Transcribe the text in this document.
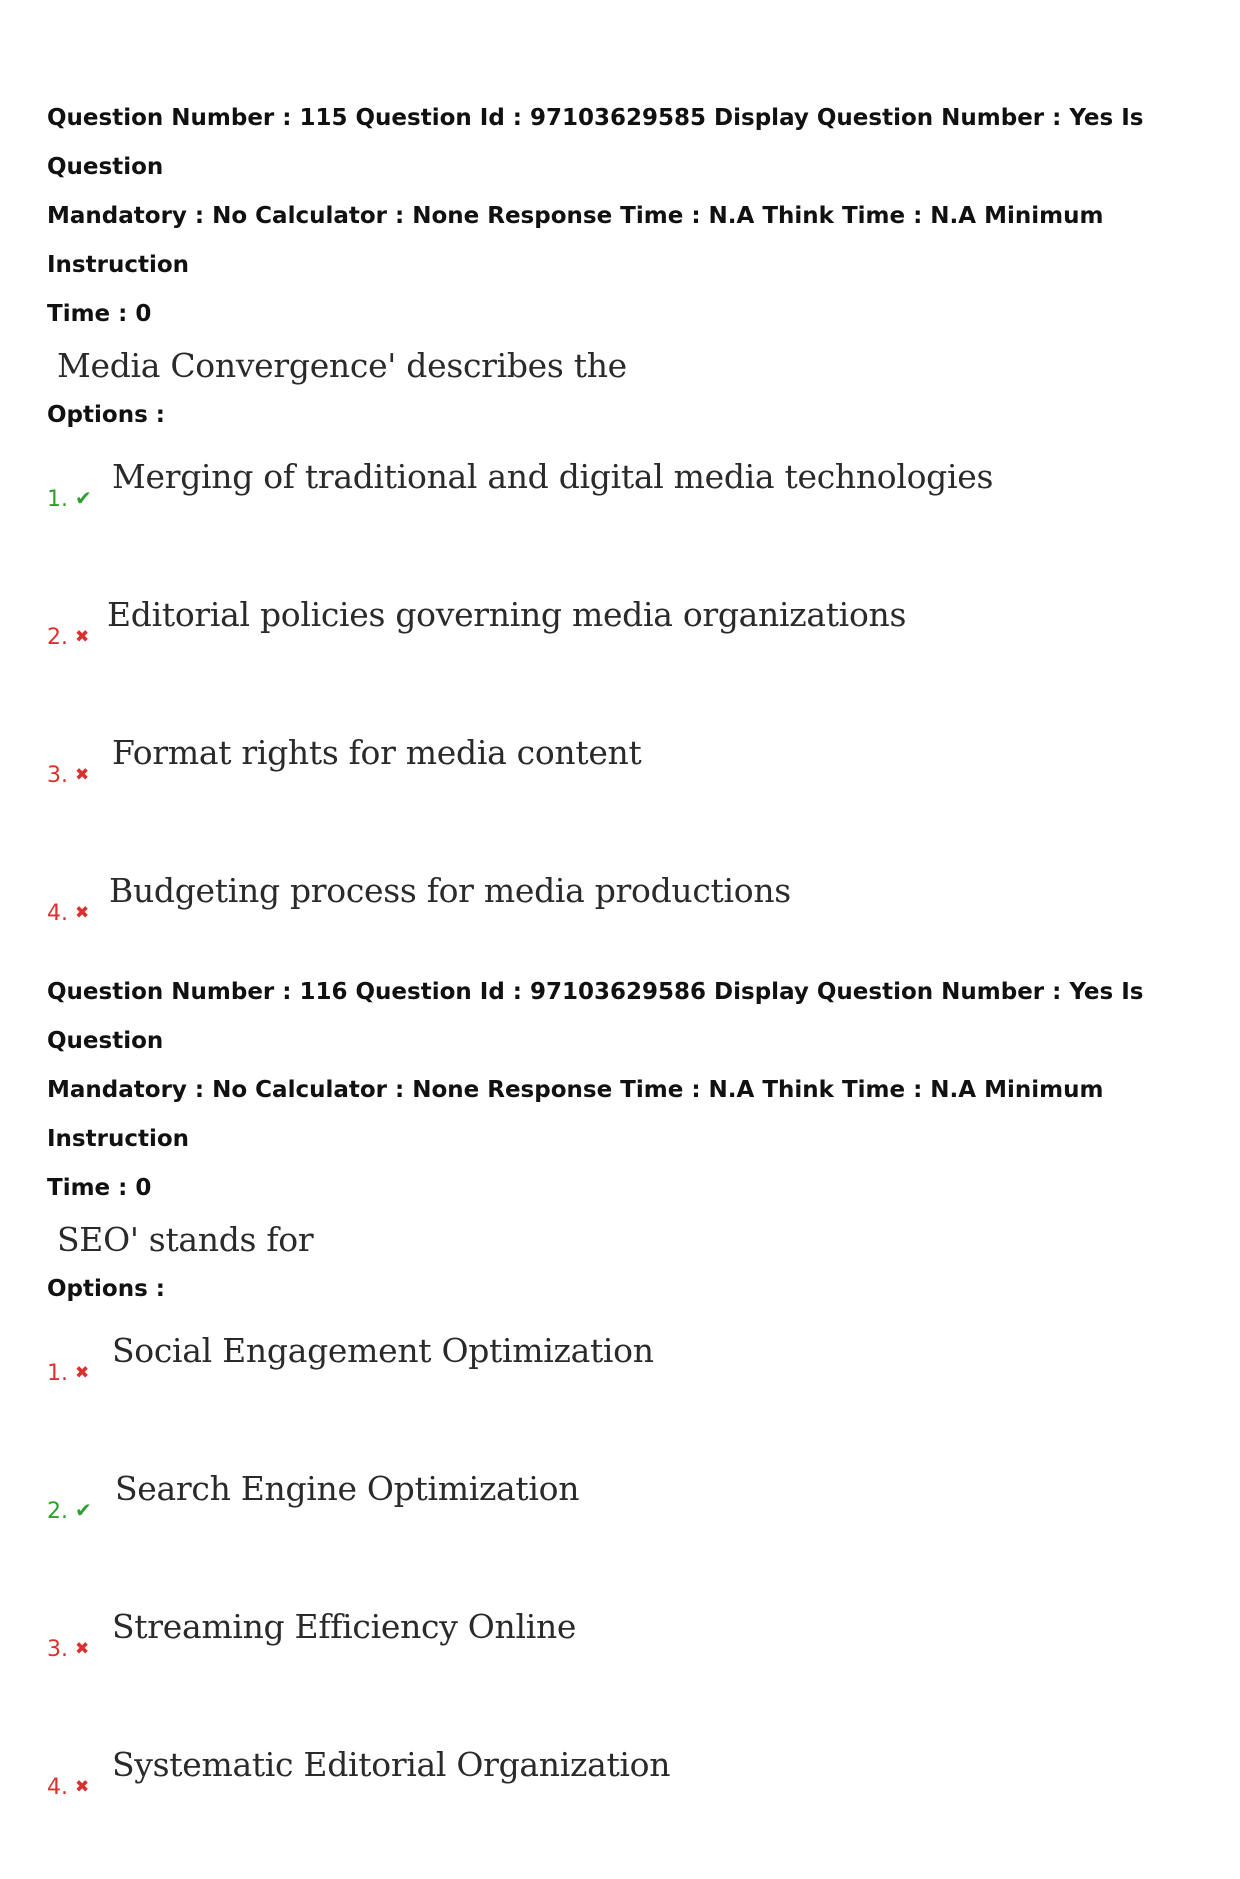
Question Number : 115 Question Id : 97103629585 Display Question Number : Yes Is Question
Mandatory : No Calculator : None Response Time : N.A Think Time : N.A Minimum Instruction
Time : 0

Media Convergence' describes the
Options :
1. ✔
Merging of traditional and digital media technologies
2. ✖
Editorial policies governing media organizations
3. ✖
Format rights for media content
4. ✖
Budgeting process for media productions

Question Number : 116 Question Id : 97103629586 Display Question Number : Yes Is Question
Mandatory : No Calculator : None Response Time : N.A Think Time : N.A Minimum Instruction
Time : 0

SEO' stands for
Options :
1. ✖
Social Engagement Optimization
2. ✔
Search Engine Optimization
3. ✖
Streaming Efficiency Online
4. ✖
Systematic Editorial Organization
